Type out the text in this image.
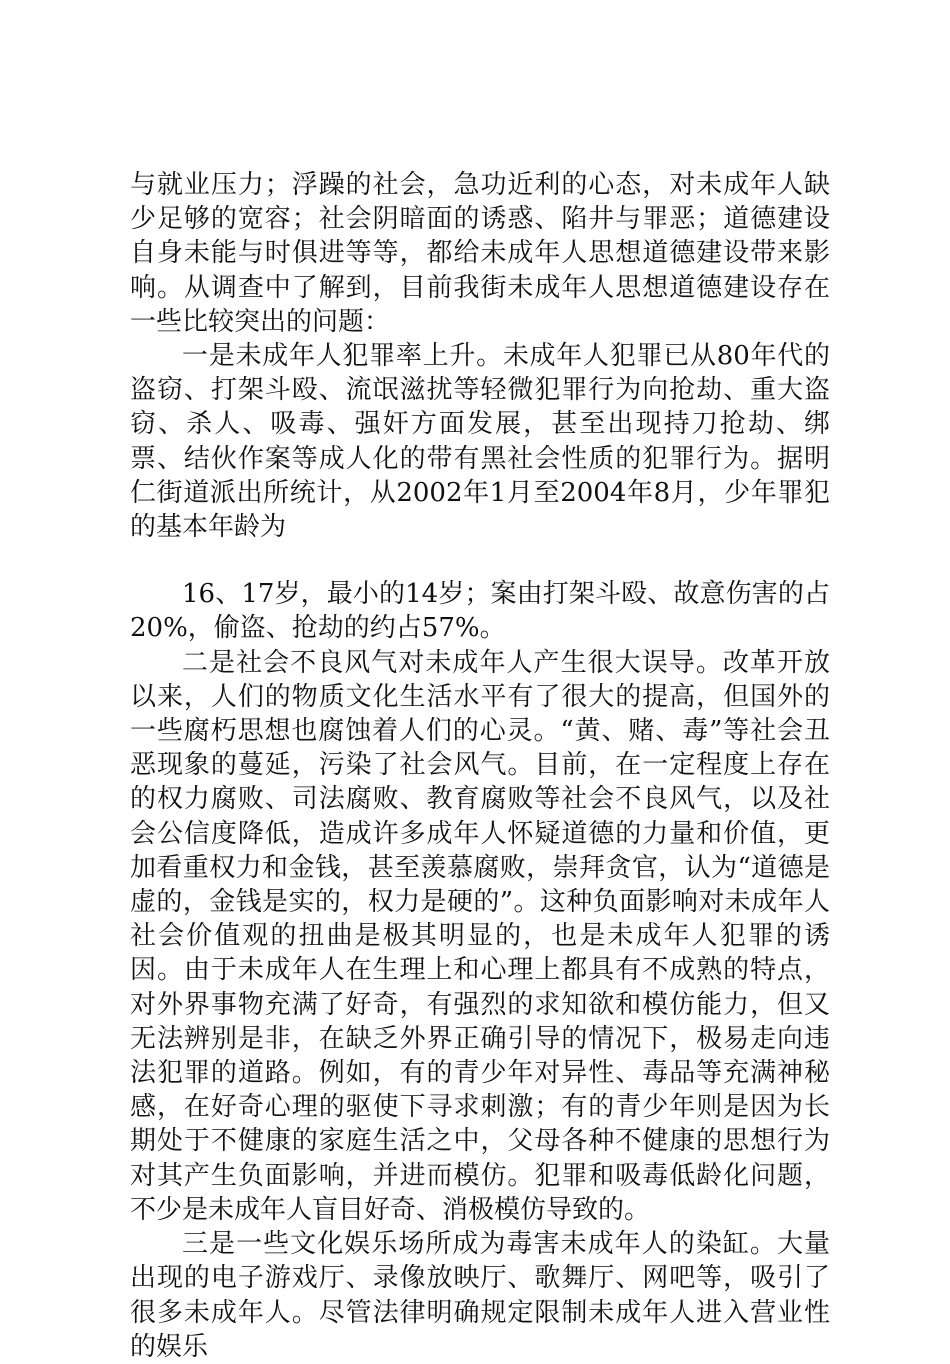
与就业压力；浮躁的社会，急功近利的心态，对未成年人缺少足够的宽容；社会阴暗面的诱惑、陷井与罪恶；道德建设自身未能与时俱进等等，都给未成年人思想道德建设带来影响。从调查中了解到，目前我街未成年人思想道德建设存在一些比较突出的问题：

一是未成年人犯罪率上升。未成年人犯罪已从80年代的盗窃、打架斗殴、流氓滋扰等轻微犯罪行为向抢劫、重大盗窃、杀人、吸毒、强奸方面发展，甚至出现持刀抢劫、绑票、结伙作案等成人化的带有黑社会性质的犯罪行为。据明仁街道派出所统计，从2002年1月至2004年8月，少年罪犯的基本年龄为

16、17岁，最小的14岁；案由打架斗殴、故意伤害的占20%，偷盗、抢劫的约占57%。

二是社会不良风气对未成年人产生很大误导。改革开放以来，人们的物质文化生活水平有了很大的提高，但国外的一些腐朽思想也腐蚀着人们的心灵。“黄、赌、毒”等社会丑恶现象的蔓延，污染了社会风气。目前，在一定程度上存在的权力腐败、司法腐败、教育腐败等社会不良风气，以及社会公信度降低，造成许多成年人怀疑道德的力量和价值，更加看重权力和金钱，甚至羡慕腐败，崇拜贪官，认为“道德是虚的，金钱是实的，权力是硬的”。这种负面影响对未成年人社会价值观的扭曲是极其明显的，也是未成年人犯罪的诱因。由于未成年人在生理上和心理上都具有不成熟的特点，对外界事物充满了好奇，有强烈的求知欲和模仿能力，但又无法辨别是非，在缺乏外界正确引导的情况下，极易走向违法犯罪的道路。例如，有的青少年对异性、毒品等充满神秘感，在好奇心理的驱使下寻求刺激；有的青少年则是因为长期处于不健康的家庭生活之中，父母各种不健康的思想行为对其产生负面影响，并进而模仿。犯罪和吸毒低龄化问题，不少是未成年人盲目好奇、消极模仿导致的。

三是一些文化娱乐场所成为毒害未成年人的染缸。大量出现的电子游戏厅、录像放映厅、歌舞厅、网吧等，吸引了很多未成年人。尽管法律明确规定限制未成年人进入营业性的娱乐
